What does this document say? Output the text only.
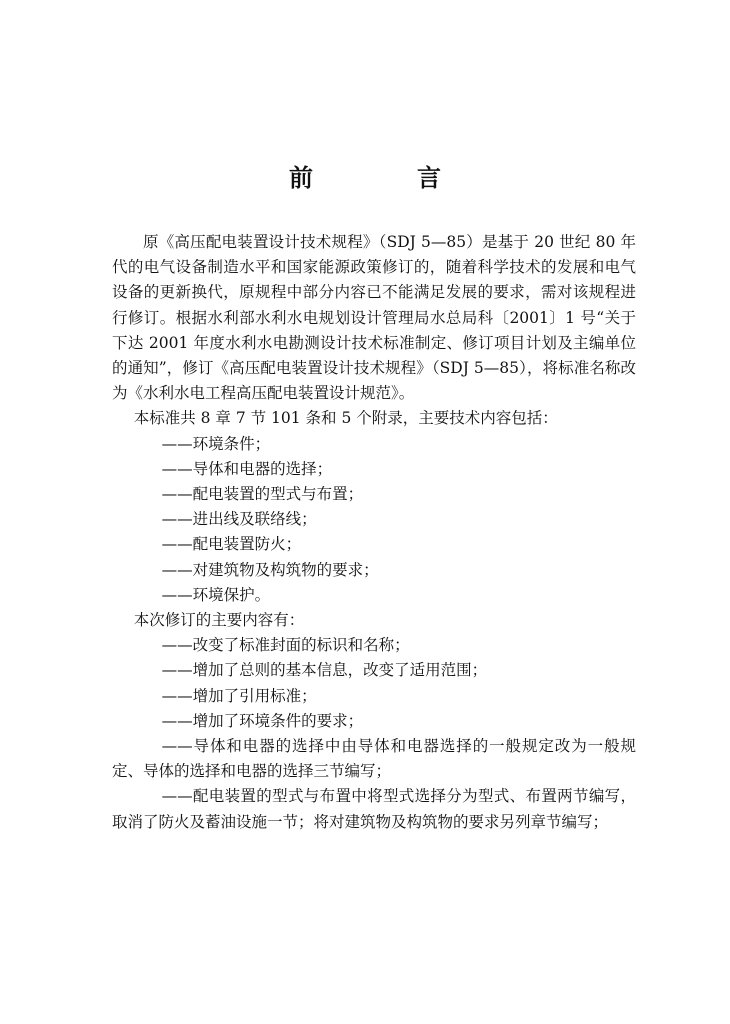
前　言

原《高压配电装置设计技术规程》（SDJ 5—85）是基于 20 世纪 80 年代的电气设备制造水平和国家能源政策修订的，随着科学技术的发展和电气设备的更新换代，原规程中部分内容已不能满足发展的要求，需对该规程进行修订。根据水利部水利水电规划设计管理局水总局科〔2001〕1 号“关于下达 2001 年度水利水电勘测设计技术标准制定、修订项目计划及主编单位的通知”，修订《高压配电装置设计技术规程》（SDJ 5—85），将标准名称改为《水利水电工程高压配电装置设计规范》。

本标准共 8 章 7 节 101 条和 5 个附录，主要技术内容包括：

——环境条件；

——导体和电器的选择；

——配电装置的型式与布置；

——进出线及联络线；

——配电装置防火；

——对建筑物及构筑物的要求；

——环境保护。

本次修订的主要内容有：

——改变了标准封面的标识和名称；

——增加了总则的基本信息，改变了适用范围；

——增加了引用标准；

——增加了环境条件的要求；

——导体和电器的选择中由导体和电器选择的一般规定改为一般规定、导体的选择和电器的选择三节编写；

——配电装置的型式与布置中将型式选择分为型式、布置两节编写，取消了防火及蓄油设施一节；将对建筑物及构筑物的要求另列章节编写；
